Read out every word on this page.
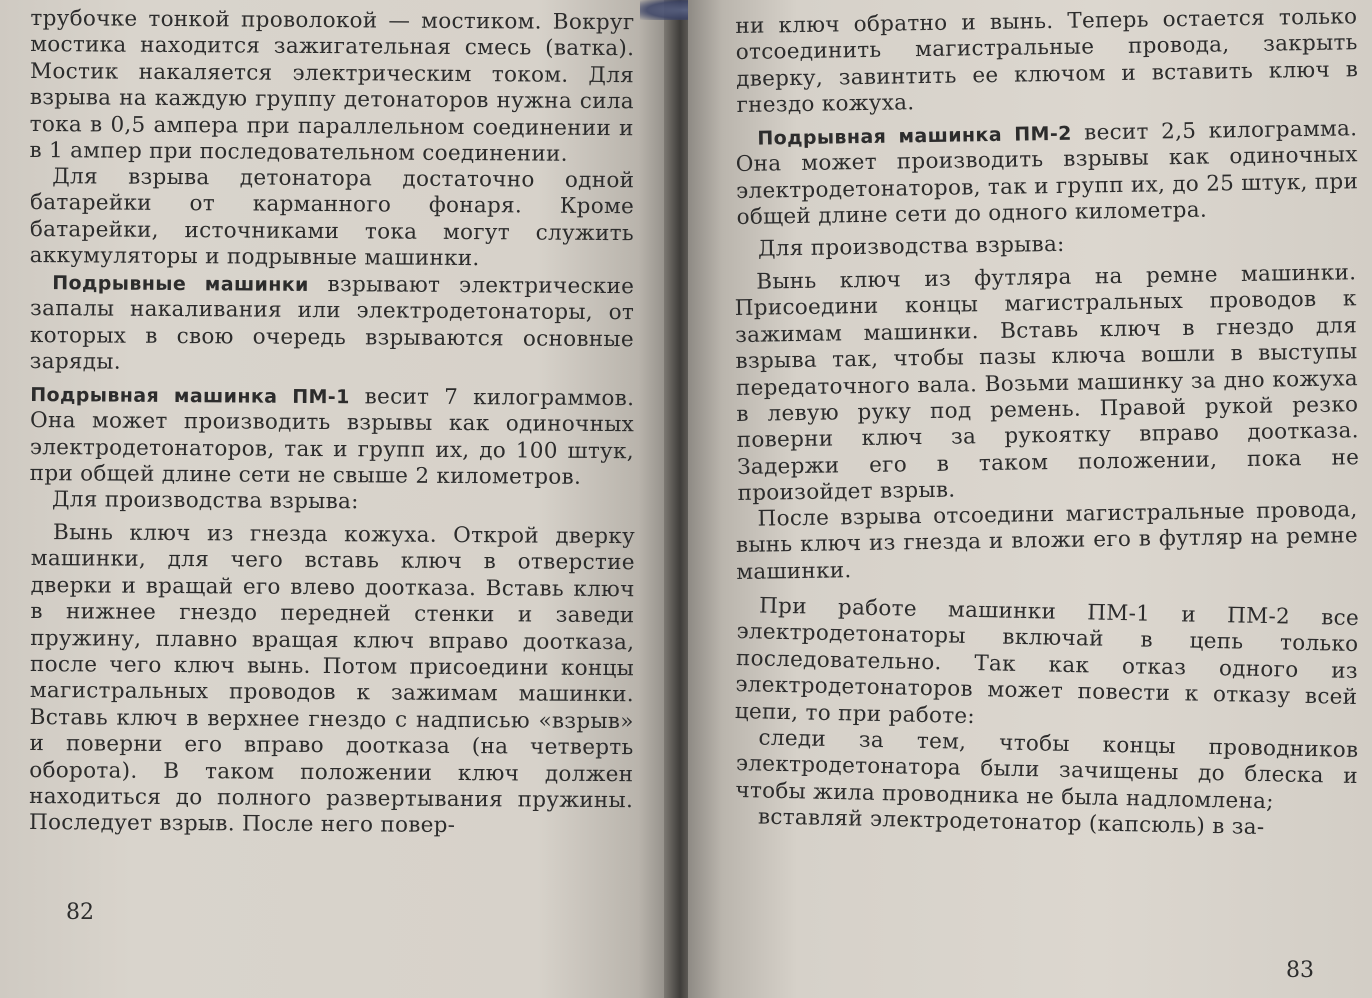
трубочке тонкой проволокой — мостиком. Вокруг мостика находится зажигательная смесь (ватка). Мостик накаляется электрическим током. Для взрыва на каждую группу детонаторов нужна сила тока в 0,5 ампера при параллельном соединении и в 1 ампер при последовательном соединении.

Для взрыва детонатора достаточно одной батарейки от карманного фонаря. Кроме батарейки, источниками тока могут служить аккумуляторы и подрывные машинки.

Подрывные машинки взрывают электрические запалы накаливания или электродетонаторы, от которых в свою очередь взрываются основные заряды.

Подрывная машинка ПМ-1 весит 7 килограммов. Она может производить взрывы как одиночных электродетонаторов, так и групп их, до 100 штук, при общей длине сети не свыше 2 километров.

Для производства взрыва:

Вынь ключ из гнезда кожуха. Открой дверку машинки, для чего вставь ключ в отверстие дверки и вращай его влево доотказа. Вставь ключ в нижнее гнездо передней стенки и заведи пружину, плавно вращая ключ вправо доотказа, после чего ключ вынь. Потом присоедини концы магистральных проводов к зажимам машинки. Вставь ключ в верхнее гнездо с надписью «взрыв» и поверни его вправо доотказа (на четверть оборота). В таком положении ключ должен находиться до полного развертывания пружины. Последует взрыв. После него повер-

82

ни ключ обратно и вынь. Теперь остается только отсоединить магистральные провода, закрыть дверку, завинтить ее ключом и вставить ключ в гнездо кожуха.

Подрывная машинка ПМ-2 весит 2,5 килограмма. Она может производить взрывы как одиночных электродетонаторов, так и групп их, до 25 штук, при общей длине сети до одного километра.

Для производства взрыва:

Вынь ключ из футляра на ремне машинки. Присоедини концы магистральных проводов к зажимам машинки. Вставь ключ в гнездо для взрыва так, чтобы пазы ключа вошли в выступы передаточного вала. Возьми машинку за дно кожуха в левую руку под ремень. Правой рукой резко поверни ключ за рукоятку вправо доотказа. Задержи его в таком положении, пока не произойдет взрыв.

После взрыва отсоедини магистральные провода, вынь ключ из гнезда и вложи его в футляр на ремне машинки.

При работе машинки ПМ-1 и ПМ-2 все электродетонаторы включай в цепь только последовательно. Так как отказ одного из электродетонаторов может повести к отказу всей цепи, то при работе:

следи за тем, чтобы концы проводников электродетонатора были зачищены до блеска и чтобы жила проводника не была надломлена;

вставляй электродетонатор (капсюль) в за-

83
